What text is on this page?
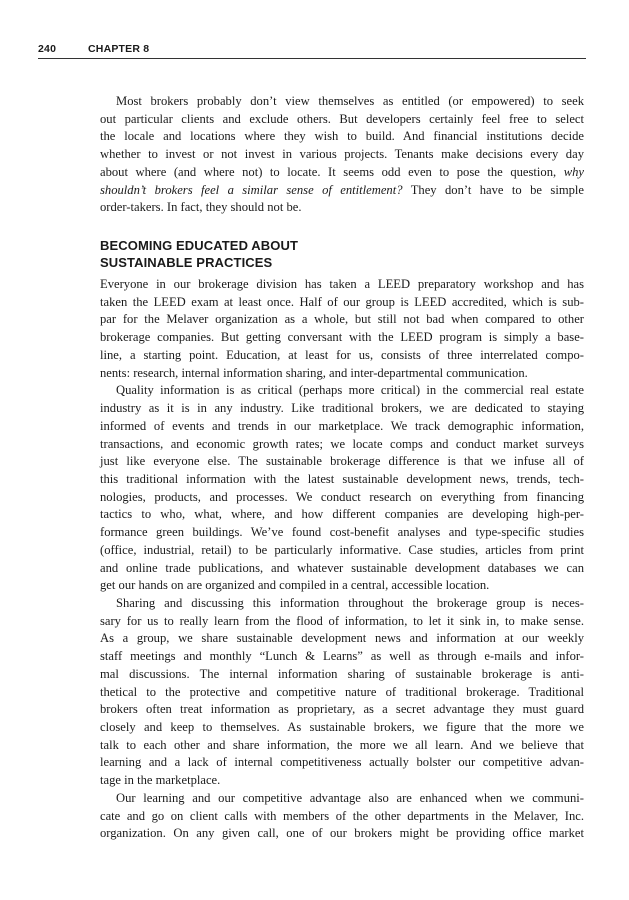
240	CHAPTER 8

Most brokers probably don’t view themselves as entitled (or empowered) to seek
out particular clients and exclude others. But developers certainly feel free to select
the locale and locations where they wish to build. And financial institutions decide
whether to invest or not invest in various projects. Tenants make decisions every day
about where (and where not) to locate. It seems odd even to pose the question, why
shouldn’t brokers feel a similar sense of entitlement? They don’t have to be simple
order-takers. In fact, they should not be.

BECOMING EDUCATED ABOUT
SUSTAINABLE PRACTICES

Everyone in our brokerage division has taken a LEED preparatory workshop and has
taken the LEED exam at least once. Half of our group is LEED accredited, which is sub-
par for the Melaver organization as a whole, but still not bad when compared to other
brokerage companies. But getting conversant with the LEED program is simply a base-
line, a starting point. Education, at least for us, consists of three interrelated compo-
nents: research, internal information sharing, and inter-departmental communication.

Quality information is as critical (perhaps more critical) in the commercial real estate
industry as it is in any industry. Like traditional brokers, we are dedicated to staying
informed of events and trends in our marketplace. We track demographic information,
transactions, and economic growth rates; we locate comps and conduct market surveys
just like everyone else. The sustainable brokerage difference is that we infuse all of
this traditional information with the latest sustainable development news, trends, tech-
nologies, products, and processes. We conduct research on everything from financing
tactics to who, what, where, and how different companies are developing high-per-
formance green buildings. We’ve found cost-benefit analyses and type-specific studies
(office, industrial, retail) to be particularly informative. Case studies, articles from print
and online trade publications, and whatever sustainable development databases we can
get our hands on are organized and compiled in a central, accessible location.

Sharing and discussing this information throughout the brokerage group is neces-
sary for us to really learn from the flood of information, to let it sink in, to make sense.
As a group, we share sustainable development news and information at our weekly
staff meetings and monthly “Lunch & Learns” as well as through e-mails and infor-
mal discussions. The internal information sharing of sustainable brokerage is anti-
thetical to the protective and competitive nature of traditional brokerage. Traditional
brokers often treat information as proprietary, as a secret advantage they must guard
closely and keep to themselves. As sustainable brokers, we figure that the more we
talk to each other and share information, the more we all learn. And we believe that
learning and a lack of internal competitiveness actually bolster our competitive advan-
tage in the marketplace.

Our learning and our competitive advantage also are enhanced when we communi-
cate and go on client calls with members of the other departments in the Melaver, Inc.
organization. On any given call, one of our brokers might be providing office market
